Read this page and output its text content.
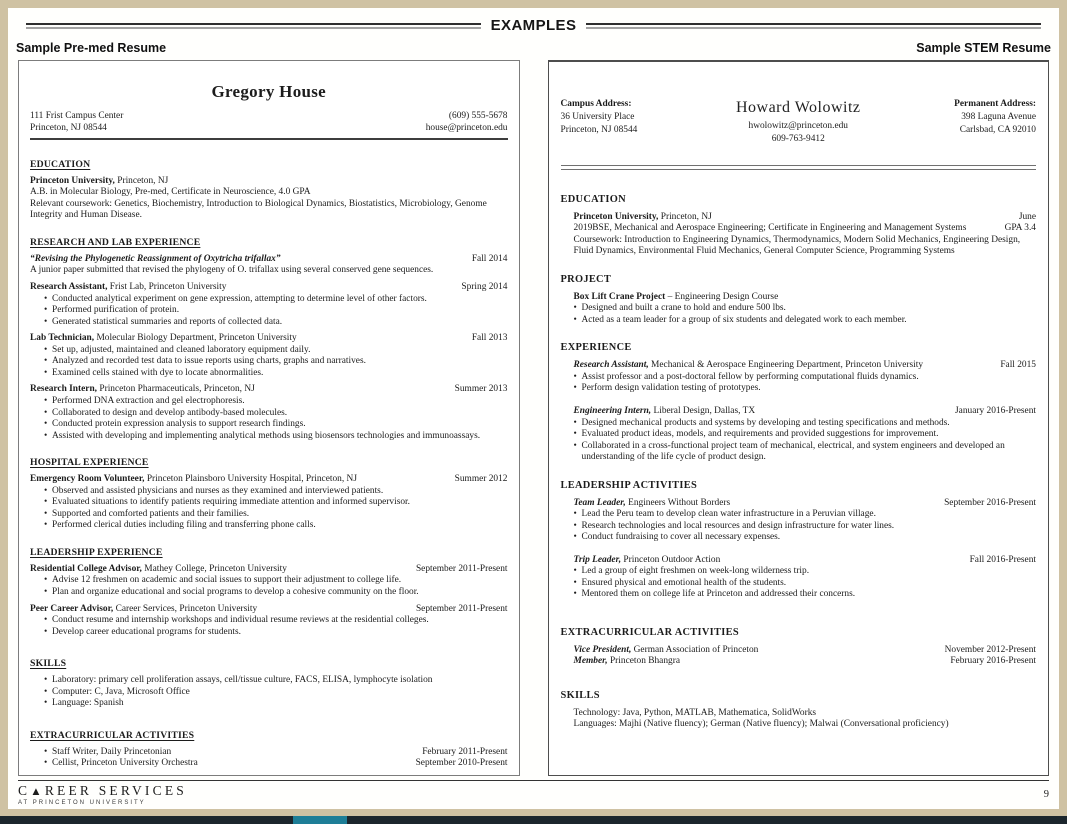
EXAMPLES
Sample Pre-med Resume	Sample STEM Resume
Gregory House
111 Frist Campus Center
Princeton, NJ 08544
(609) 555-5678
house@princeton.edu
EDUCATION
Princeton University, Princeton, NJ
A.B. in Molecular Biology, Pre-med, Certificate in Neuroscience, 4.0 GPA
Relevant coursework: Genetics, Biochemistry, Introduction to Biological Dynamics, Biostatistics, Microbiology, Genome Integrity and Human Disease.
RESEARCH AND LAB EXPERIENCE
“Revising the Phylogenetic Reassignment of Oxytricha trifallax”	Fall 2014
A junior paper submitted that revised the phylogeny of O. trifallax using several conserved gene sequences.
Research Assistant, Frist Lab, Princeton University	Spring 2014
• Conducted analytical experiment on gene expression, attempting to determine level of other factors.
• Performed purification of protein.
• Generated statistical summaries and reports of collected data.
Lab Technician, Molecular Biology Department, Princeton University	Fall 2013
• Set up, adjusted, maintained and cleaned laboratory equipment daily.
• Analyzed and recorded test data to issue reports using charts, graphs and narratives.
• Examined cells stained with dye to locate abnormalities.
Research Intern, Princeton Pharmaceuticals, Princeton, NJ	Summer 2013
• Performed DNA extraction and gel electrophoresis.
• Collaborated to design and develop antibody-based molecules.
• Conducted protein expression analysis to support research findings.
• Assisted with developing and implementing analytical methods using biosensors technologies and immunoassays.
HOSPITAL EXPERIENCE
Emergency Room Volunteer, Princeton Plainsboro University Hospital, Princeton, NJ	Summer 2012
• Observed and assisted physicians and nurses as they examined and interviewed patients.
• Evaluated situations to identify patients requiring immediate attention and informed supervisor.
• Supported and comforted patients and their families.
• Performed clerical duties including filing and transferring phone calls.
LEADERSHIP EXPERIENCE
Residential College Advisor, Mathey College, Princeton University	September 2011-Present
• Advise 12 freshmen on academic and social issues to support their adjustment to college life.
• Plan and organize educational and social programs to develop a cohesive community on the floor.
Peer Career Advisor, Career Services, Princeton University	September 2011-Present
• Conduct resume and internship workshops and individual resume reviews at the residential colleges.
• Develop career educational programs for students.
SKILLS
• Laboratory: primary cell proliferation assays, cell/tissue culture, FACS, ELISA, lymphocyte isolation
• Computer: C, Java, Microsoft Office
• Language: Spanish
EXTRACURRICULAR ACTIVITIES
• Staff Writer, Daily Princetonian	February 2011-Present
• Cellist, Princeton University Orchestra	September 2010-Present
Campus Address:
36 University Place
Princeton, NJ 08544
Howard Wolowitz
hwolowitz@princeton.edu
609-763-9412
Permanent Address:
398 Laguna Avenue
Carlsbad, CA 92010
EDUCATION
Princeton University, Princeton, NJ	June
2019BSE, Mechanical and Aerospace Engineering; Certificate in Engineering and Management Systems	GPA 3.4
Coursework: Introduction to Engineering Dynamics, Thermodynamics, Modern Solid Mechanics, Engineering Design, Fluid Dynamics, Environmental Fluid Mechanics, General Computer Science, Programming Systems
PROJECT
Box Lift Crane Project – Engineering Design Course
• Designed and built a crane to hold and endure 500 lbs.
• Acted as a team leader for a group of six students and delegated work to each member.
EXPERIENCE
Research Assistant, Mechanical & Aerospace Engineering Department, Princeton University	Fall 2015
• Assist professor and a post-doctoral fellow by performing computational fluids dynamics.
• Perform design validation testing of prototypes.
Engineering Intern, Liberal Design, Dallas, TX	January 2016-Present
• Designed mechanical products and systems by developing and testing specifications and methods.
• Evaluated product ideas, models, and requirements and provided suggestions for improvement.
• Collaborated in a cross-functional project team of mechanical, electrical, and system engineers and developed an understanding of the life cycle of product design.
LEADERSHIP ACTIVITIES
Team Leader, Engineers Without Borders	September 2016-Present
• Lead the Peru team to develop clean water infrastructure in a Peruvian village.
• Research technologies and local resources and design infrastructure for water lines.
• Conduct fundraising to cover all necessary expenses.
Trip Leader, Princeton Outdoor Action	Fall 2016-Present
• Led a group of eight freshmen on week-long wilderness trip.
• Ensured physical and emotional health of the students.
• Mentored them on college life at Princeton and addressed their concerns.
EXTRACURRICULAR ACTIVITIES
Vice President, German Association of Princeton	November 2012-Present
Member, Princeton Bhangra	February 2016-Present
SKILLS
Technology: Java, Python, MATLAB, Mathematica, SolidWorks
Languages: Majhi (Native fluency); German (Native fluency); Malwai (Conversational proficiency)
C▲REER SERVICES
AT PRINCETON UNIVERSITY
9
